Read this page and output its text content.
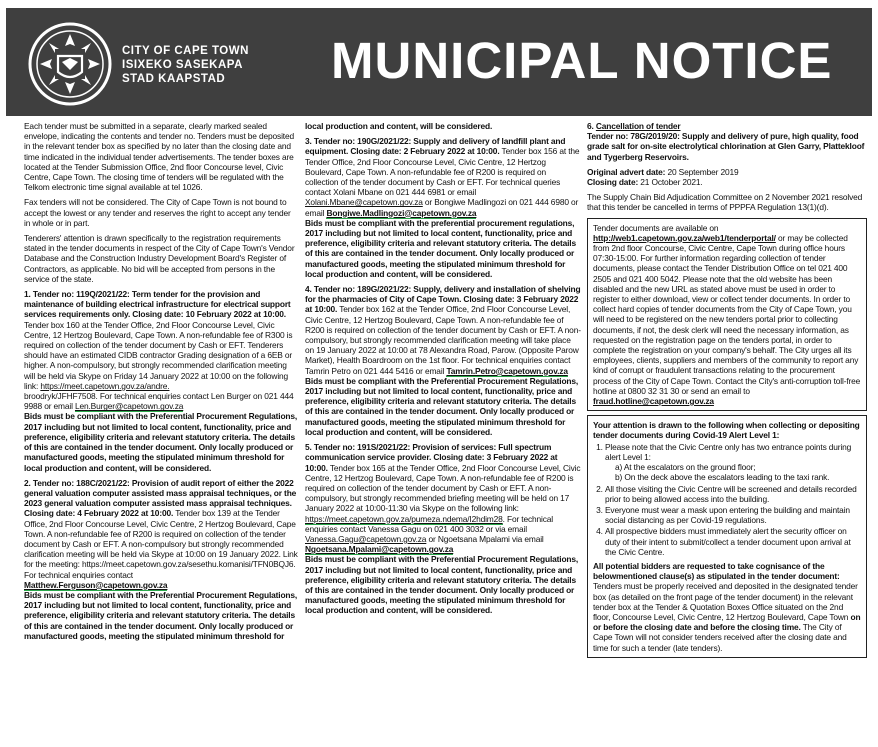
CITY OF CAPE TOWN
ISIXEKO SASEKAPA
STAD KAAPSTAD	MUNICIPAL NOTICE

Each tender must be submitted in a separate, clearly marked sealed envelope, indicating the contents and tender no. Tenders must be deposited in the relevant tender box as specified by no later than the closing date and time indicated in the individual tender advertisements. The tender boxes are located at the Tender Submission Office, 2nd floor Concourse level, Civic Centre, Cape Town. The closing time of tenders will be regulated with the Telkom electronic time signal available at tel 1026.

Fax tenders will not be considered. The City of Cape Town is not bound to accept the lowest or any tender and reserves the right to accept any tender in whole or in part.

Tenderers' attention is drawn specifically to the registration requirements stated in the tender documents in respect of the City of Cape Town's Vendor Database and the Construction Industry Development Board's Register of Contractors, as applicable. No bid will be accepted from persons in the service of the state.

1. Tender no: 119Q/2021/22: Term tender for the provision and maintenance of building electrical infrastructure for electrical support services requirements only. Closing date: 10 February 2022 at 10:00. Tender box 160 at the Tender Office, 2nd Floor Concourse Level, Civic Centre, 12 Hertzog Boulevard, Cape Town. A non-refundable fee of R300 is required on collection of the tender document by Cash or EFT. Tenderers should have an estimated CIDB contractor Grading designation of a 6EB or higher. A non-compulsory, but strongly recommended clarification meeting will be held via Skype on Friday 14 January 2022 at 10:00 on the following link: https://meet.capetown.gov.za/andre.
broodryk/JFHF7508. For technical enquiries contact Len Burger on 021 444 9988 or email Len.Burger@capetown.gov.za
Bids must be compliant with the Preferential Procurement Regulations, 2017 including but not limited to local content, functionality, price and preference, eligibility criteria and relevant statutory criteria. The details of this are contained in the tender document. Only locally produced or manufactured goods, meeting the stipulated minimum threshold for local production and content, will be considered.

2. Tender no: 188C/2021/22: Provision of audit report of either the 2022 general valuation computer assisted mass appraisal techniques, or the 2023 general valuation computer assisted mass appraisal techniques. Closing date: 4 February 2022 at 10:00. Tender box 139 at the Tender Office, 2nd Floor Concourse Level, Civic Centre, 2 Hertzog Boulevard, Cape Town. A non-refundable fee of R200 is required on collection of the tender document by Cash or EFT. A non-compulsory but strongly recommended clarification meeting will be held via Skype at 10:00 on 19 January 2022. Link for the meeting: https://meet.capetown.gov.za/sesethu.komanisi/TFN0BQJ6. For technical enquiries contact
Matthew.Ferguson@capetown.gov.za
Bids must be compliant with the Preferential Procurement Regulations, 2017 including but not limited to local content, functionality, price and preference, eligibility criteria and relevant statutory criteria. The details of this are contained in the tender document. Only locally produced or manufactured goods, meeting the stipulated minimum threshold for

local production and content, will be considered.

3. Tender no: 190G/2021/22: Supply and delivery of landfill plant and equipment. Closing date: 2 February 2022 at 10:00. Tender box 156 at the Tender Office, 2nd Floor Concourse Level, Civic Centre, 12 Hertzog Boulevard, Cape Town. A non-refundable fee of R200 is required on collection of the tender document by Cash or EFT. For technical queries contact Xolani Mbane on 021 444 6981 or email Xolani.Mbane@capetown.gov.za or Bongiwe Madlingozi on 021 444 6980 or email Bongiwe.Madlingozi@capetown.gov.za
Bids must be compliant with the preferential procurement regulations, 2017 including but not limited to local content, functionality, price and preference, eligibility criteria and relevant statutory criteria. The details of this are contained in the tender document. Only locally produced or manufactured goods, meeting the stipulated minimum threshold for local production and content, will be considered.

4. Tender no: 189G/2021/22: Supply, delivery and installation of shelving for the pharmacies of City of Cape Town. Closing date: 3 February 2022 at 10:00. Tender box 162 at the Tender Office, 2nd Floor Concourse Level, Civic Centre, 12 Hertzog Boulevard, Cape Town. A non-refundable fee of R200 is required on collection of the tender document by Cash or EFT. A non-compulsory, but strongly recommended clarification meeting will take place on 19 January 2022 at 10:00 at 78 Alexandra Road, Parow. (Opposite Parow Market), Health Boardroom on the 1st floor. For technical enquiries contact Tamrin Petro on 021 444 5416 or email Tamrin.Petro@capetown.gov.za
Bids must be compliant with the Preferential Procurement Regulations, 2017 including but not limited to local content, functionality, price and preference, eligibility criteria and relevant statutory criteria. The details of this are contained in the tender document. Only locally produced or manufactured goods, meeting the stipulated minimum threshold for local production and content, will be considered.

5. Tender no: 191S/2021/22: Provision of services: Full spectrum communication service provider. Closing date: 3 February 2022 at 10:00. Tender box 165 at the Tender Office, 2nd Floor Concourse Level, Civic Centre, 12 Hertzog Boulevard, Cape Town. A non-refundable fee of R200 is required on collection of the tender document by Cash or EFT. A non-compulsory, but strongly recommended briefing meeting will be held on 17 January 2022 at 10:00-11:30 via Skype on the following link: https://meet.capetown.gov.za/pumeza.ndema/I2hdim28. For technical enquiries contact Vanessa Gagu on 021 400 3032 or via email Vanessa.Gagu@capetown.gov.za or Ngoetsana Mpalami via email
Ngoetsana.Mpalami@capetown.gov.za
Bids must be compliant with the Preferential Procurement Regulations, 2017 including but not limited to local content, functionality, price and preference, eligibility criteria and relevant statutory criteria. The details of this are contained in the tender document. Only locally produced or manufactured goods, meeting the stipulated minimum threshold for local production and content, will be considered.

6. Cancellation of tender
Tender no: 78G/2019/20: Supply and delivery of pure, high quality, food grade salt for on-site electrolytical chlorination at Glen Garry, Plattekloof and Tygerberg Reservoirs.

Original advert date: 20 September 2019
Closing date: 21 October 2021.

The Supply Chain Bid Adjudication Committee on 2 November 2021 resolved that this tender be cancelled in terms of PPPFA Regulation 13(1)(d).

Tender documents are available on http://web1.capetown.gov.za/web1/tenderportal/ or may be collected from 2nd floor Concourse, Civic Centre, Cape Town during office hours 07:30-15:00. For further information regarding collection of tender documents, please contact the Tender Distribution Office on tel 021 400 2505 and 021 400 5042. Please note that the old website has been disabled and the new URL as stated above must be used in order to register to either download, view or collect tender documents. In order to collect hard copies of tender documents from the City of Cape Town, you will need to be registered on the new tenders portal prior to collecting documents, if not, the desk clerk will need the necessary information, as requested on the registration page on the tenders portal, in order to complete the registration on your company's behalf. The City urges all its employees, clients, suppliers and members of the community to report any kind of corrupt or fraudulent transactions relating to the procurement process of the City of Cape Town. Contact the City's anti-corruption toll-free hotline at 0800 32 31 30 or send an email to fraud.hotline@capetown.gov.za

Your attention is drawn to the following when collecting or depositing tender documents during Covid-19 Alert Level 1:

1. Please note that the Civic Centre only has two entrance points during alert Level 1:
a) At the escalators on the ground floor;
b) On the deck above the escalators leading to the taxi rank.
2. All those visiting the Civic Centre will be screened and details recorded prior to being allowed access into the building.
3. Everyone must wear a mask upon entering the building and maintain social distancing as per Covid-19 regulations.
4. All prospective bidders must immediately alert the security officer on duty of their intent to submit/collect a tender document upon arrival at the Civic Centre.

All potential bidders are requested to take cognisance of the belowmentioned clause(s) as stipulated in the tender document:
Tenders must be properly received and deposited in the designated tender box (as detailed on the front page of the tender document) in the relevant tender box at the Tender & Quotation Boxes Office situated on the 2nd floor, Concourse Level, Civic Centre, 12 Hertzog Boulevard, Cape Town on or before the closing date and before the closing time. The City of Cape Town will not consider tenders received after the closing date and time for such a tender (late tenders).
